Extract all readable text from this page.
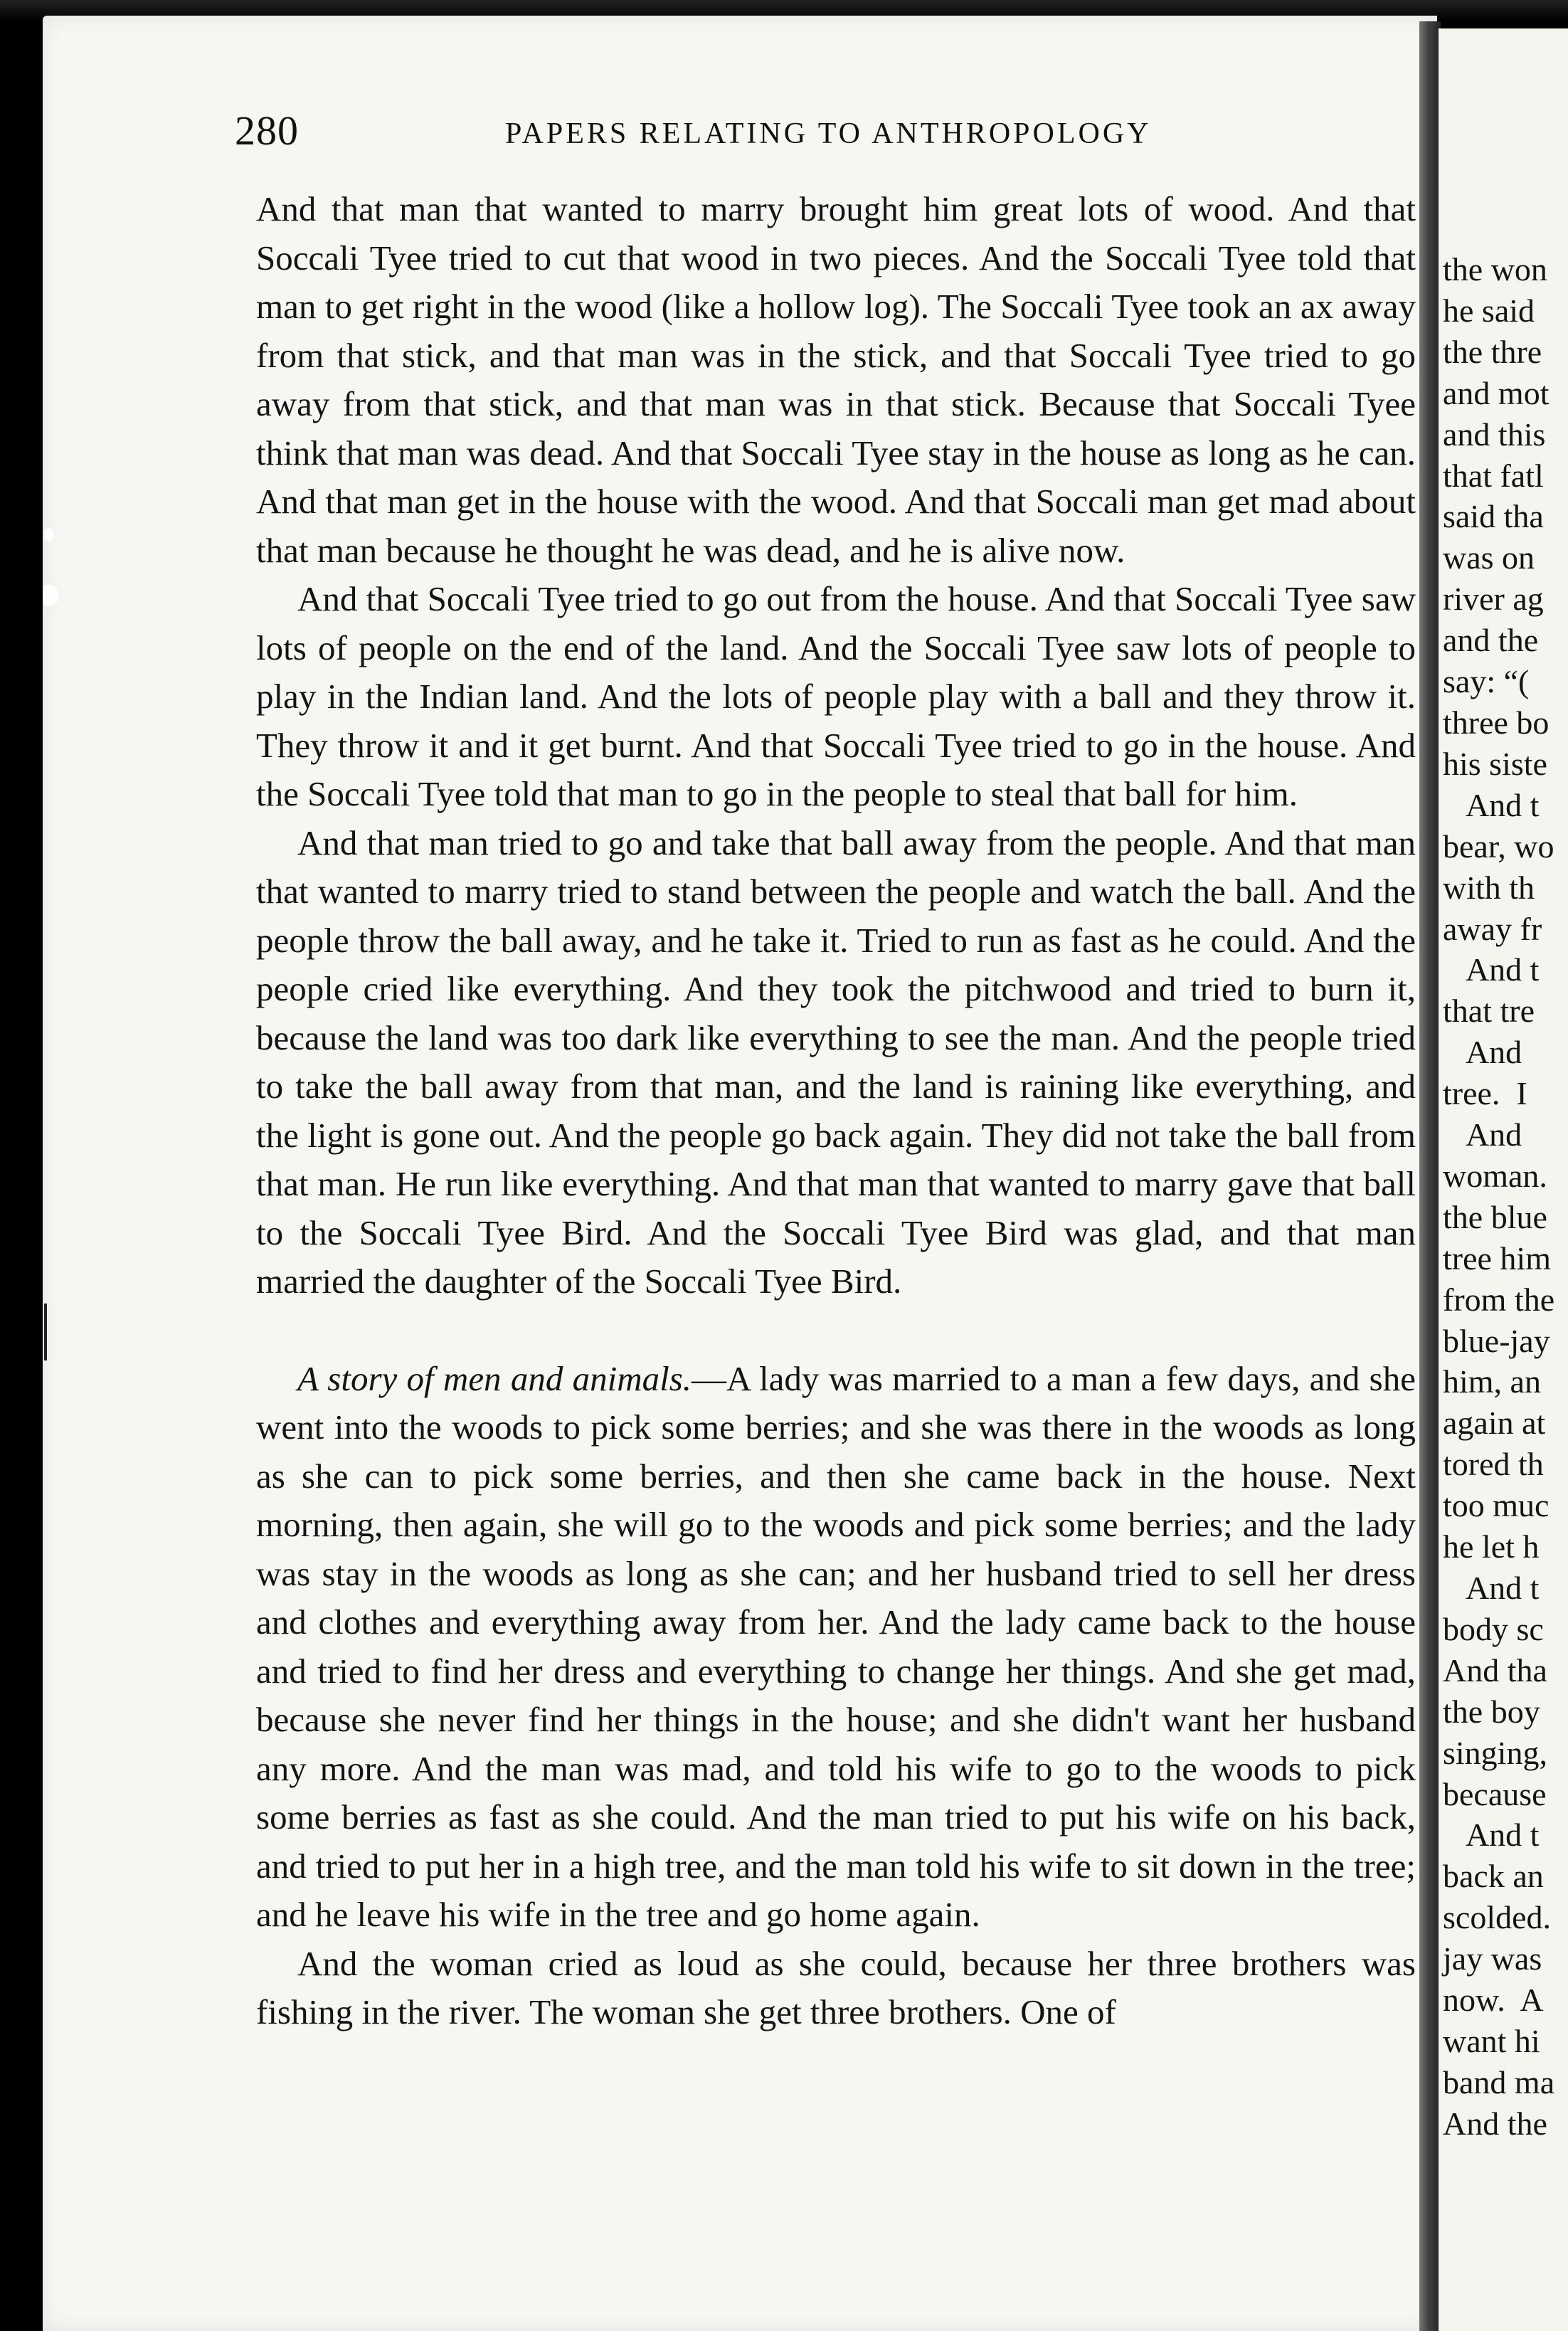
the won
he said
the thre
and mot
and this
that fatl
said tha
was on
river ag
and the
say: “(
three bo
his siste
And t
bear, wo
with th
away fr
And t
that tre
And
tree.  I
And
woman.
the blue
tree him
from the
blue-jay
him, an
again at
tored th
too muc
he let h
And t
body sc
And tha
the boy
singing,
because
And t
back an
scolded.
jay was
now.  A
want hi
band ma
And the
280	PAPERS RELATING TO ANTHROPOLOGY

And that man that wanted to marry brought him great lots of wood. And that Soccali Tyee tried to cut that wood in two pieces. And the Soccali Tyee told that man to get right in the wood (like a hollow log). The Soccali Tyee took an ax away from that stick, and that man was in the stick, and that Soccali Tyee tried to go away from that stick, and that man was in that stick. Because that Soccali Tyee think that man was dead. And that Soccali Tyee stay in the house as long as he can. And that man get in the house with the wood. And that Soccali man get mad about that man because he thought he was dead, and he is alive now.

And that Soccali Tyee tried to go out from the house. And that Soccali Tyee saw lots of people on the end of the land. And the Soccali Tyee saw lots of people to play in the Indian land. And the lots of people play with a ball and they throw it. They throw it and it get burnt. And that Soccali Tyee tried to go in the house. And the Soccali Tyee told that man to go in the people to steal that ball for him.

And that man tried to go and take that ball away from the people. And that man that wanted to marry tried to stand between the people and watch the ball. And the people throw the ball away, and he take it. Tried to run as fast as he could. And the people cried like everything. And they took the pitchwood and tried to burn it, because the land was too dark like everything to see the man. And the people tried to take the ball away from that man, and the land is raining like everything, and the light is gone out. And the people go back again. They did not take the ball from that man. He run like everything. And that man that wanted to marry gave that ball to the Soccali Tyee Bird. And the Soccali Tyee Bird was glad, and that man married the daughter of the Soccali Tyee Bird.

A story of men and animals.—A lady was married to a man a few days, and she went into the woods to pick some berries; and she was there in the woods as long as she can to pick some berries, and then she came back in the house. Next morning, then again, she will go to the woods and pick some berries; and the lady was stay in the woods as long as she can; and her husband tried to sell her dress and clothes and everything away from her. And the lady came back to the house and tried to find her dress and everything to change her things. And she get mad, because she never find her things in the house; and she didn't want her husband any more. And the man was mad, and told his wife to go to the woods to pick some berries as fast as she could. And the man tried to put his wife on his back, and tried to put her in a high tree, and the man told his wife to sit down in the tree; and he leave his wife in the tree and go home again.

And the woman cried as loud as she could, because her three brothers was fishing in the river. The woman she get three brothers. One of
